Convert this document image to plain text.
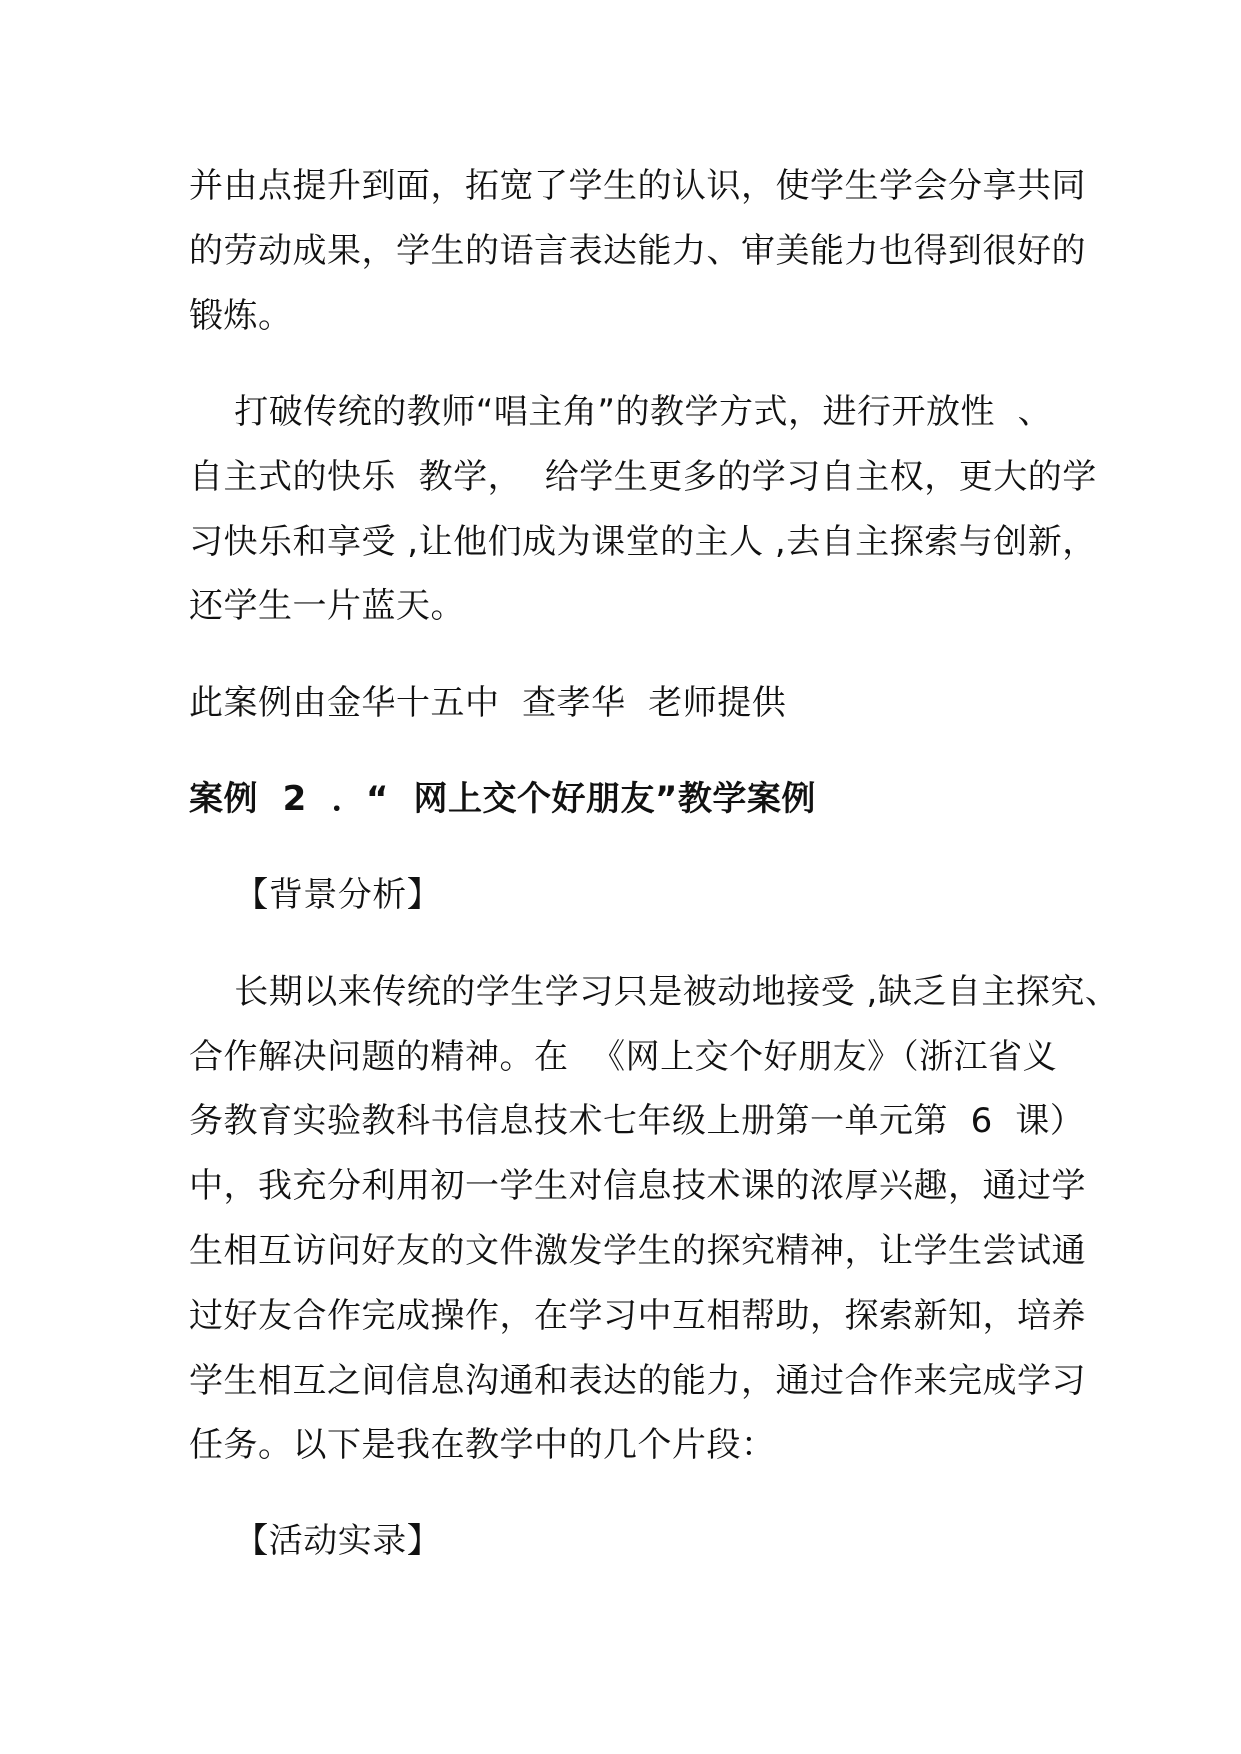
并由点提升到面，拓宽了学生的认识，使学生学会分享共同
的劳动成果，学生的语言表达能力、审美能力也得到很好的
锻炼。
打破传统的教师“唱主角”的教学方式，进行开放性  、
自主式的快乐  教学，  给学生更多的学习自主权，更大的学
习快乐和享受 ,让他们成为课堂的主人 ,去自主探索与创新，
还学生一片蓝天。
此案例由金华十五中  查孝华  老师提供
案例  2  ．“  网上交个好朋友”教学案例
【背景分析】
长期以来传统的学生学习只是被动地接受 ,缺乏自主探究、
合作解决问题的精神。在  《网上交个好朋友》（浙江省义
务教育实验教科书信息技术七年级上册第一单元第  6  课）
中，我充分利用初一学生对信息技术课的浓厚兴趣，通过学
生相互访问好友的文件激发学生的探究精神，让学生尝试通
过好友合作完成操作，在学习中互相帮助，探索新知，培养
学生相互之间信息沟通和表达的能力，通过合作来完成学习
任务。以下是我在教学中的几个片段：
【活动实录】
